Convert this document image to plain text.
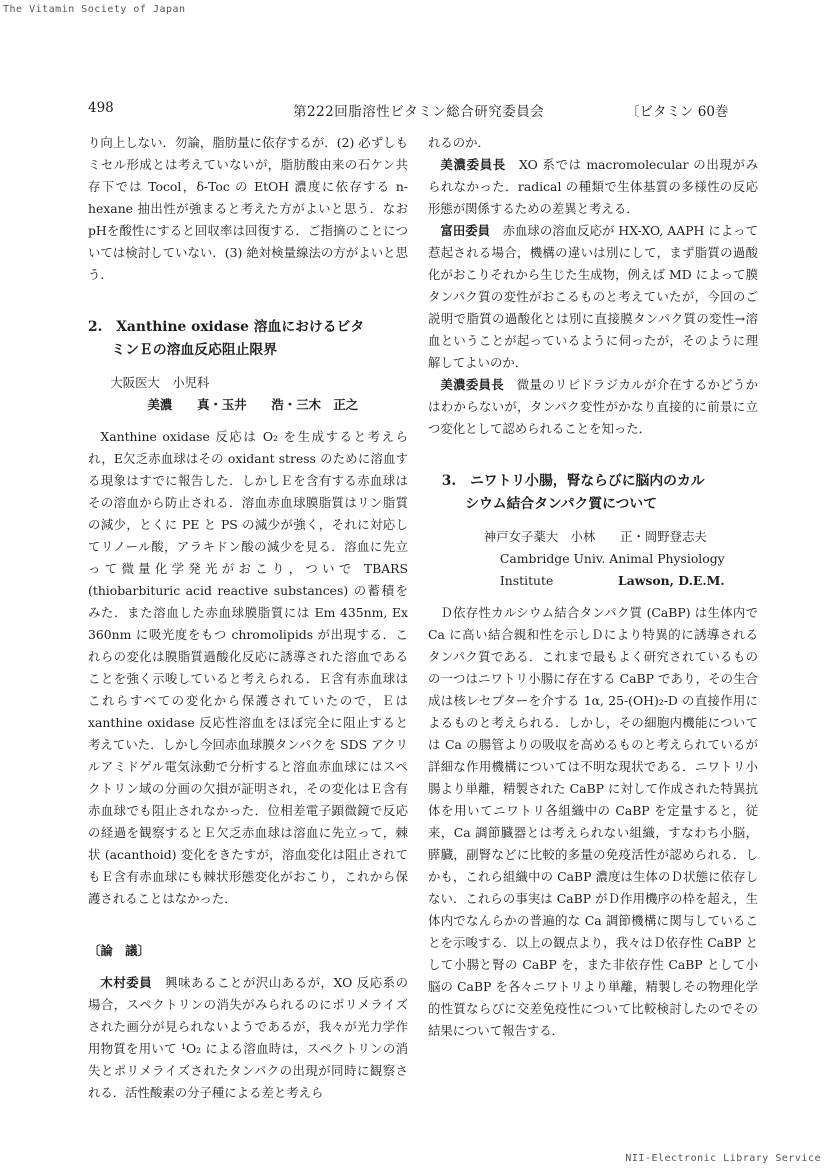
The Vitamin Society of Japan
498	第222回脂溶性ビタミン総合研究委員会	〔ビタミン 60巻

り向上しない．勿論，脂肪量に依存するが．(2) 必ずしもミセル形成とは考えていないが，脂肪酸由来の石ケン共存下では Tocol，δ-Toc の EtOH 濃度に依存する n-hexane 抽出性が強まると考えた方がよいと思う．なおpHを酸性にすると回収率は回復する．ご指摘のことについては検討していない．(3) 絶対検量線法の方がよいと思う．

2.　Xanthine oxidase 溶血におけるビタ
ミンＥの溶血反応阻止限界

大阪医大　小児科

美濃　　真・玉井　　浩・三木　正之

Xanthine oxidase 反応は O₂ を生成すると考えられ，E欠乏赤血球はその oxidant stress のために溶血する現象はすでに報告した．しかしＥを含有する赤血球はその溶血から防止される．溶血赤血球膜脂質はリン脂質の減少，とくに PE と PS の減少が強く，それに対応してリノール酸，アラキドン酸の減少を見る．溶血に先立って微量化学発光がおこり，ついで TBARS (thiobarbituric acid reactive substances) の蓄積をみた．また溶血した赤血球膜脂質には Em 435nm, Ex 360nm に吸光度をもつ chromolipids が出現する．これらの変化は膜脂質過酸化反応に誘導された溶血であることを強く示唆していると考えられる．Ｅ含有赤血球はこれらすべての変化から保護されていたので，Ｅは xanthine oxidase 反応性溶血をほぼ完全に阻止すると考えていた．しかし今回赤血球膜タンパクを SDS アクリルアミドゲル電気泳動で分析すると溶血赤血球にはスペクトリン域の分画の欠損が証明され，その変化はＥ含有赤血球でも阻止されなかった．位相差電子顕微鏡で反応の経過を観察するとＥ欠乏赤血球は溶血に先立って，棘状 (acanthoid) 変化をきたすが，溶血変化は阻止されてもＥ含有赤血球にも棘状形態変化がおこり，これから保護されることはなかった．

〔論　議〕

木村委員　 興味あることが沢山あるが，XO 反応系の場合，スペクトリンの消失がみられるのにポリメライズされた画分が見られないようであるが，我々が光力学作用物質を用いて ¹O₂ による溶血時は，スペクトリンの消失とポリメライズされたタンパクの出現が同時に観察される．活性酸素の分子種による差と考えら

れるのか．

美濃委員長　 XO 系では macromolecular の出現がみられなかった．radical の種類で生体基質の多様性の反応形態が関係するための差異と考える．

富田委員　 赤血球の溶血反応が HX-XO, AAPH によって惹起される場合，機構の違いは別にして，まず脂質の過酸化がおこりそれから生じた生成物，例えば MD によって膜タンパク質の変性がおこるものと考えていたが，今回のご説明で脂質の過酸化とは別に直接膜タンパク質の変性→溶血ということが起っているように伺ったが，そのように理解してよいのか．

美濃委員長　 微量のリピドラジカルが介在するかどうかはわからないが，タンパク変性がかなり直接的に前景に立つ変化として認められることを知った．

3.　ニワトリ小腸，腎ならびに脳内のカル
シウム結合タンパク質について

神戸女子薬大　小林　　正・岡野登志夫

Cambridge Univ. Animal Physiology

Institute	Lawson, D.E.M.

Ｄ依存性カルシウム結合タンパク質 (CaBP) は生体内で Ca に高い結合親和性を示しＤにより特異的に誘導されるタンパク質である．これまで最もよく研究されているものの一つはニワトリ小腸に存在する CaBP であり，その生合成は核レセプターを介する 1α, 25-(OH)₂-D の直接作用によるものと考えられる．しかし，その細胞内機能については Ca の腸管よりの吸収を高めるものと考えられているが詳細な作用機構については不明な現状である．ニワトリ小腸より単離，精製された CaBP に対して作成された特異抗体を用いてニワトリ各組織中の CaBP を定量すると，従来，Ca 調節臓器とは考えられない組織，すなわち小脳，膵臓，副腎などに比較的多量の免疫活性が認められる．しかも，これら組織中の CaBP 濃度は生体のＤ状態に依存しない．これらの事実は CaBP がＤ作用機序の枠を超え，生体内でなんらかの普遍的な Ca 調節機構に関与していることを示唆する．以上の観点より，我々はＤ依存性 CaBP として小腸と腎の CaBP を，また非依存性 CaBP として小脳の CaBP を各々ニワトリより単離，精製しその物理化学的性質ならびに交差免疫性について比較検討したのでその結果について報告する．

NII-Electronic Library Service
